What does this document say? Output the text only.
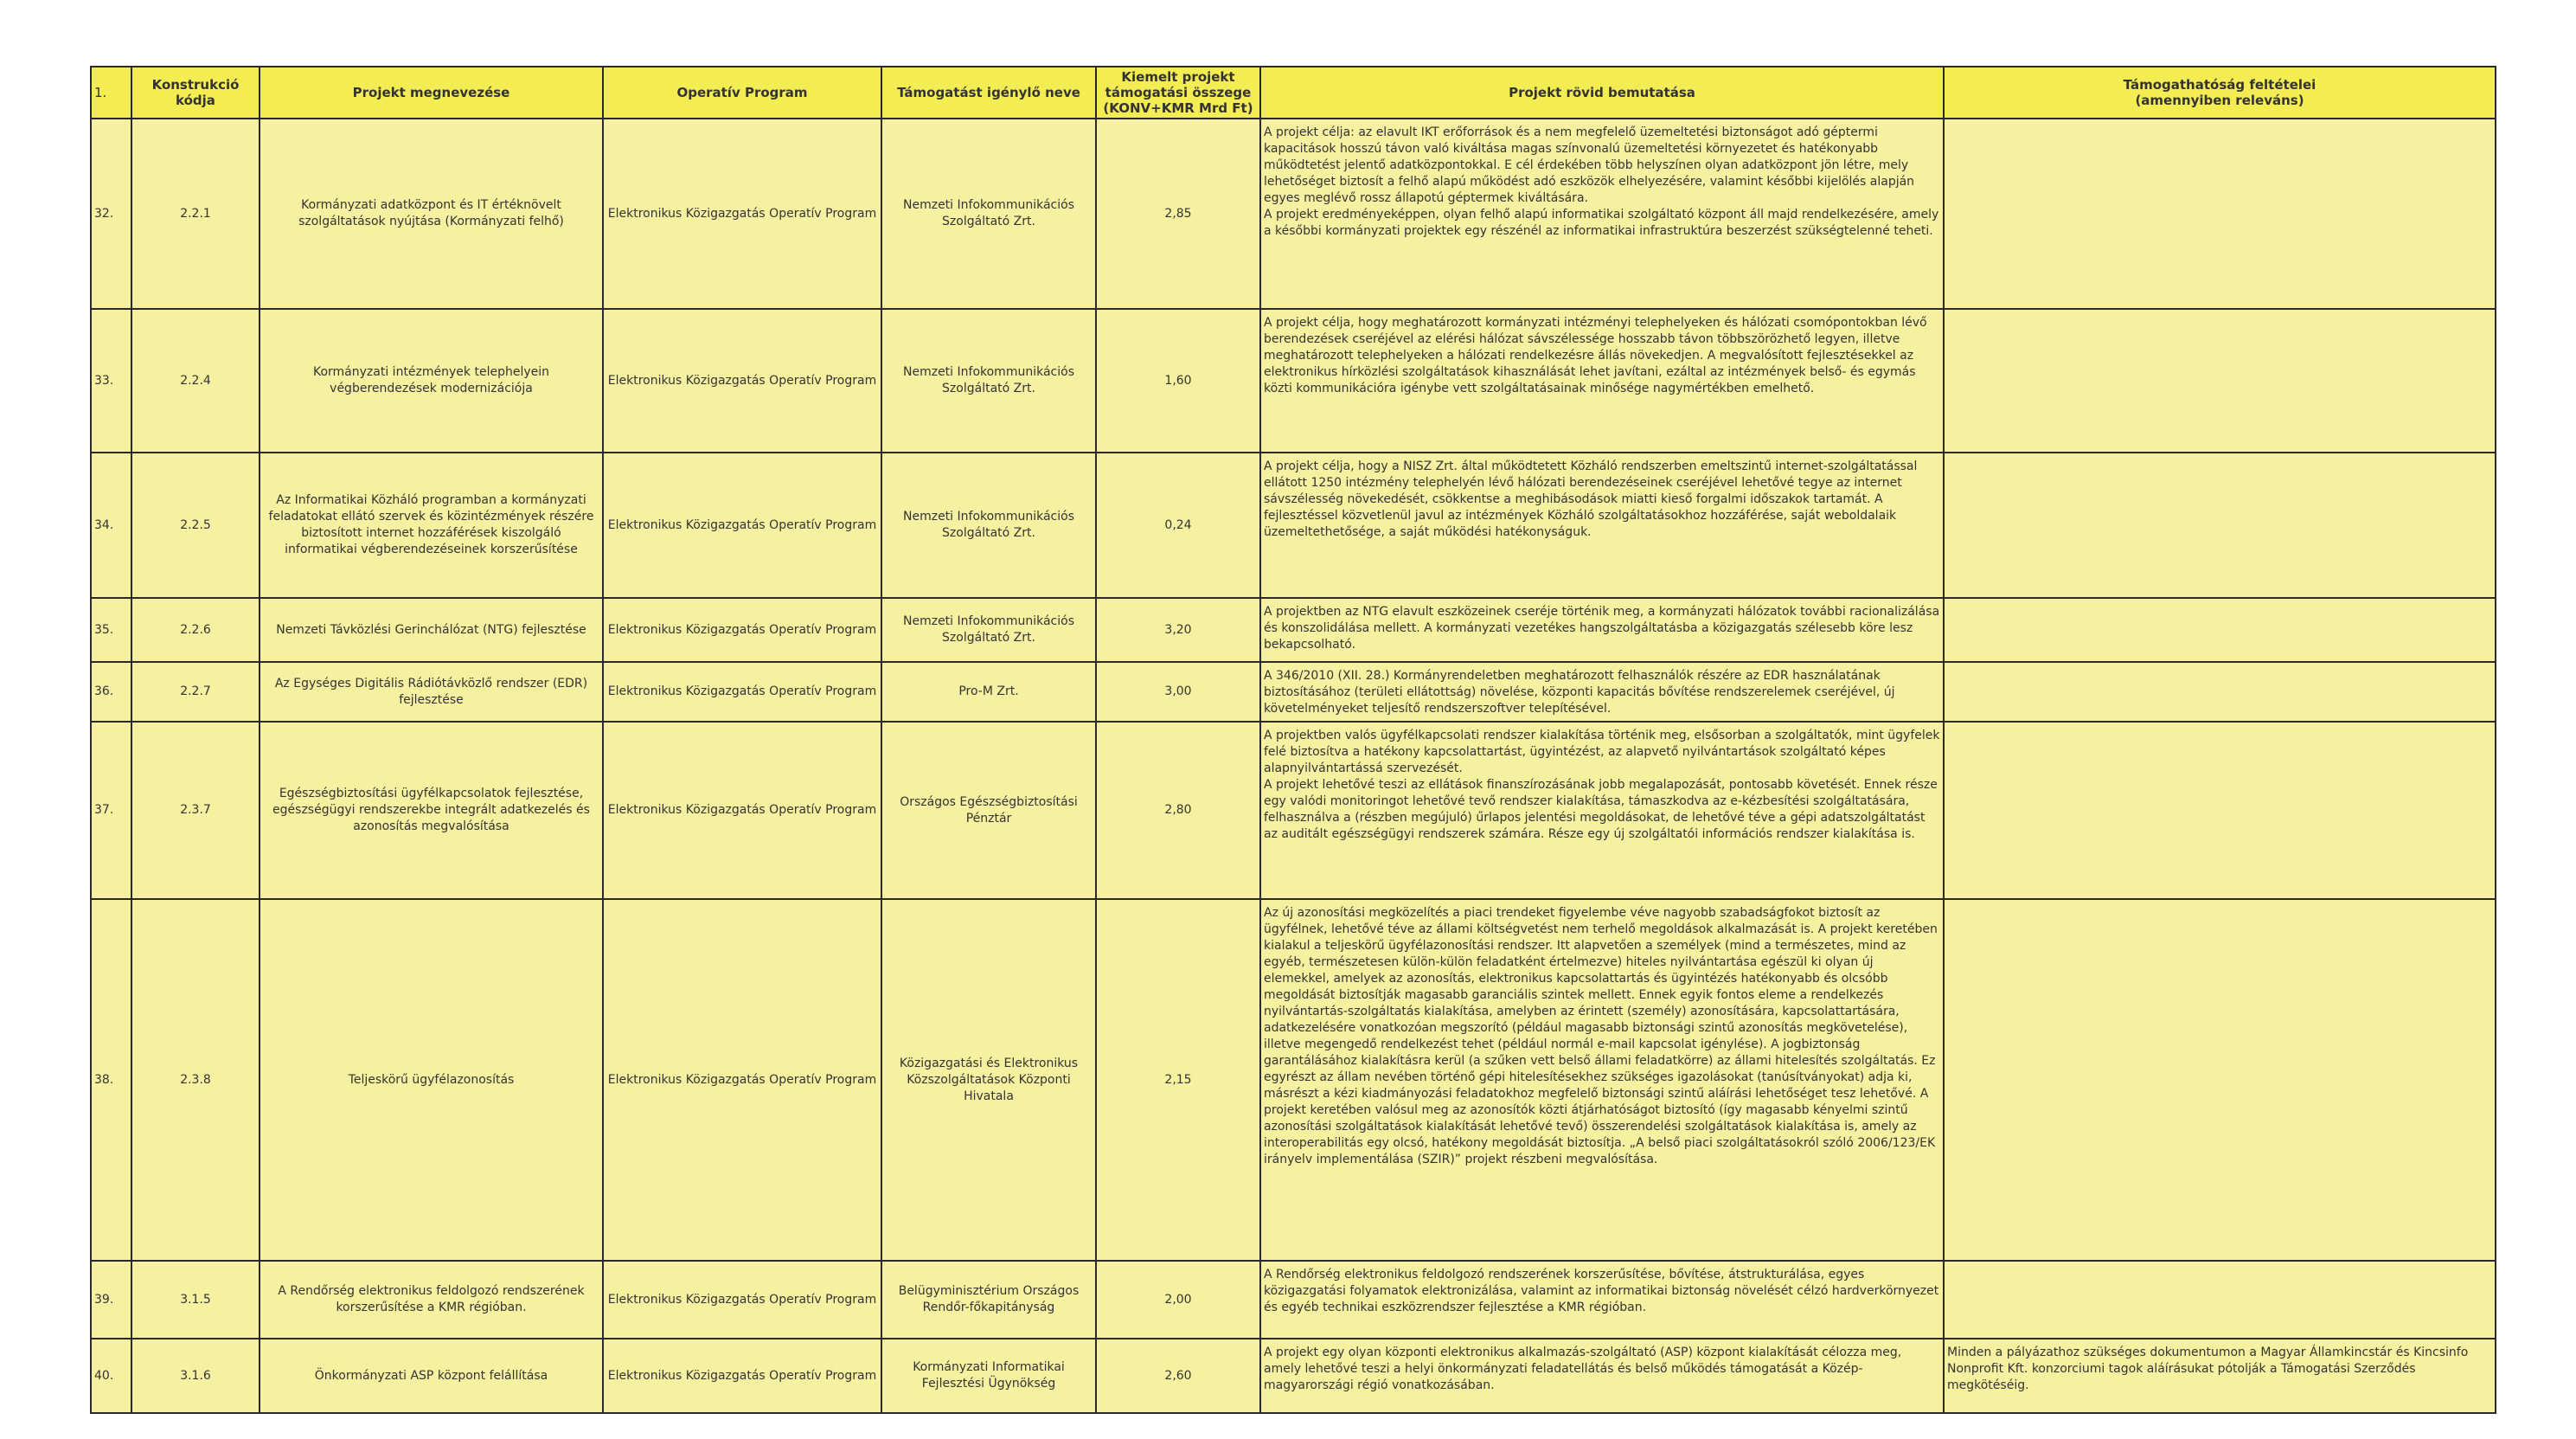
1.	Konstrukció kódja	Projekt megnevezése	Operatív Program	Támogatást igénylő neve	Kiemelt projekt támogatási összege (KONV+KMR Mrd Ft)	Projekt rövid bemutatása	Támogathatóság feltételei
(amennyiben releváns)
32.	2.2.1	Kormányzati adatközpont és IT értéknövelt szolgáltatások nyújtása (Kormányzati felhő)	Elektronikus Közigazgatás Operatív Program	Nemzeti Infokommunikációs Szolgáltató Zrt.	2,85	A projekt célja: az elavult IKT erőforrások és a nem megfelelő üzemeltetési biztonságot adó géptermi kapacitások hosszú távon való kiváltása magas színvonalú üzemeltetési környezetet és hatékonyabb működtetést jelentő adatközpontokkal. E cél érdekében több helyszínen olyan adatközpont jön létre, mely lehetőséget biztosít a felhő alapú működést adó eszközök elhelyezésére, valamint későbbi kijelölés alapján egyes meglévő rossz állapotú géptermek kiváltására.
A projekt eredményeképpen, olyan felhő alapú informatikai szolgáltató központ áll majd rendelkezésére, amely a későbbi kormányzati projektek egy részénél az informatikai infrastruktúra beszerzést szükségtelenné teheti.	
33.	2.2.4	Kormányzati intézmények telephelyein végberendezések modernizációja	Elektronikus Közigazgatás Operatív Program	Nemzeti Infokommunikációs Szolgáltató Zrt.	1,60	A projekt célja, hogy meghatározott kormányzati intézményi telephelyeken és hálózati csomópontokban lévő berendezések cseréjével az elérési hálózat sávszélessége hosszabb távon többszörözhető legyen, illetve meghatározott telephelyeken a hálózati rendelkezésre állás növekedjen. A megvalósított fejlesztésekkel az elektronikus hírközlési szolgáltatások kihasználását lehet javítani, ezáltal az intézmények belső- és egymás közti kommunikációra igénybe vett szolgáltatásainak minősége nagymértékben emelhető.	
34.	2.2.5	Az Informatikai Közháló programban a kormányzati feladatokat ellátó szervek és közintézmények részére biztosított internet hozzáférések kiszolgáló informatikai végberendezéseinek korszerűsítése	Elektronikus Közigazgatás Operatív Program	Nemzeti Infokommunikációs Szolgáltató Zrt.	0,24	A projekt célja, hogy a NISZ Zrt. által működtetett Közháló rendszerben emeltszintű internet-szolgáltatással ellátott 1250 intézmény telephelyén lévő hálózati berendezéseinek cseréjével lehetővé tegye az internet sávszélesség növekedését, csökkentse a meghibásodások miatti kieső forgalmi időszakok tartamát. A fejlesztéssel közvetlenül javul az intézmények Közháló szolgáltatásokhoz hozzáférése, saját weboldalaik üzemeltethetősége, a saját működési hatékonyságuk.	
35.	2.2.6	Nemzeti Távközlési Gerinchálózat (NTG) fejlesztése	Elektronikus Közigazgatás Operatív Program	Nemzeti Infokommunikációs Szolgáltató Zrt.	3,20	A projektben az NTG elavult eszközeinek cseréje történik meg, a kormányzati hálózatok további racionalizálása és konszolidálása mellett. A kormányzati vezetékes hangszolgáltatásba a közigazgatás szélesebb köre lesz bekapcsolható.	
36.	2.2.7	Az Egységes Digitális Rádiótávközlő rendszer (EDR) fejlesztése	Elektronikus Közigazgatás Operatív Program	Pro-M Zrt.	3,00	A 346/2010 (XII. 28.) Kormányrendeletben meghatározott felhasználók részére az EDR használatának biztosításához (területi ellátottság) növelése, központi kapacitás bővítése rendszerelemek cseréjével, új követelményeket teljesítő rendszerszoftver telepítésével.	
37.	2.3.7	Egészségbiztosítási ügyfélkapcsolatok fejlesztése, egészségügyi rendszerekbe integrált adatkezelés és azonosítás megvalósítása	Elektronikus Közigazgatás Operatív Program	Országos Egészségbiztosítási Pénztár	2,80	A projektben valós ügyfélkapcsolati rendszer kialakítása történik meg, elsősorban a szolgáltatók, mint ügyfelek felé biztosítva a hatékony kapcsolattartást, ügyintézést, az alapvető nyilvántartások szolgáltató képes alapnyilvántartássá szervezését.
A projekt lehetővé teszi az ellátások finanszírozásának jobb megalapozását, pontosabb követését. Ennek része egy valódi monitoringot lehetővé tevő rendszer kialakítása, támaszkodva az e-kézbesítési szolgáltatására, felhasználva a (részben megújuló) űrlapos jelentési megoldásokat, de lehetővé téve a gépi adatszolgáltatást az auditált egészségügyi rendszerek számára. Része egy új szolgáltatói információs rendszer kialakítása is.	
38.	2.3.8	Teljeskörű ügyfélazonosítás	Elektronikus Közigazgatás Operatív Program	Közigazgatási és Elektronikus Közszolgáltatások Központi Hivatala	2,15	Az új azonosítási megközelítés a piaci trendeket figyelembe véve nagyobb szabadságfokot biztosít az ügyfélnek, lehetővé téve az állami költségvetést nem terhelő megoldások alkalmazását is. A projekt keretében kialakul a teljeskörű ügyfélazonosítási rendszer. Itt alapvetően a személyek (mind a természetes, mind az egyéb, természetesen külön-külön feladatként értelmezve) hiteles nyilvántartása egészül ki olyan új elemekkel, amelyek az azonosítás, elektronikus kapcsolattartás és ügyintézés hatékonyabb és olcsóbb megoldását biztosítják magasabb garanciális szintek mellett. Ennek egyik fontos eleme a rendelkezés nyilvántartás-szolgáltatás kialakítása, amelyben az érintett (személy) azonosítására, kapcsolattartására, adatkezelésére vonatkozóan megszorító (például magasabb biztonsági szintű azonosítás megkövetelése), illetve megengedő rendelkezést tehet (például normál e-mail kapcsolat igénylése). A jogbiztonság garantálásához kialakításra kerül (a szűken vett belső állami feladatkörre) az állami hitelesítés szolgáltatás. Ez egyrészt az állam nevében történő gépi hitelesítésekhez szükséges igazolásokat (tanúsítványokat) adja ki, másrészt a kézi kiadmányozási feladatokhoz megfelelő biztonsági szintű aláírási lehetőséget tesz lehetővé. A projekt keretében valósul meg az azonosítók közti átjárhatóságot biztosító (így magasabb kényelmi szintű azonosítási szolgáltatások kialakítását lehetővé tevő) összerendelési szolgáltatások kialakítása is, amely az interoperabilitás egy olcsó, hatékony megoldását biztosítja. „A belső piaci szolgáltatásokról szóló 2006/123/EK irányelv implementálása (SZIR)” projekt részbeni megvalósítása.	
39.	3.1.5	A Rendőrség elektronikus feldolgozó rendszerének korszerűsítése a KMR régióban.	Elektronikus Közigazgatás Operatív Program	Belügyminisztérium Országos Rendőr-főkapitányság	2,00	A Rendőrség elektronikus feldolgozó rendszerének korszerűsítése, bővítése, átstrukturálása, egyes közigazgatási folyamatok elektronizálása, valamint az informatikai biztonság növelését célzó hardverkörnyezet és egyéb technikai eszközrendszer fejlesztése a KMR régióban.	
40.	3.1.6	Önkormányzati ASP központ felállítása	Elektronikus Közigazgatás Operatív Program	Kormányzati Informatikai Fejlesztési Ügynökség	2,60	A projekt egy olyan központi elektronikus alkalmazás-szolgáltató (ASP) központ kialakítását célozza meg, amely lehetővé teszi a helyi önkormányzati feladatellátás és belső működés támogatását a Közép-magyarországi régió vonatkozásában.	Minden a pályázathoz szükséges dokumentumon a Magyar Államkincstár és Kincsinfo Nonprofit Kft. konzorciumi tagok aláírásukat pótolják a Támogatási Szerződés megkötéséig.
